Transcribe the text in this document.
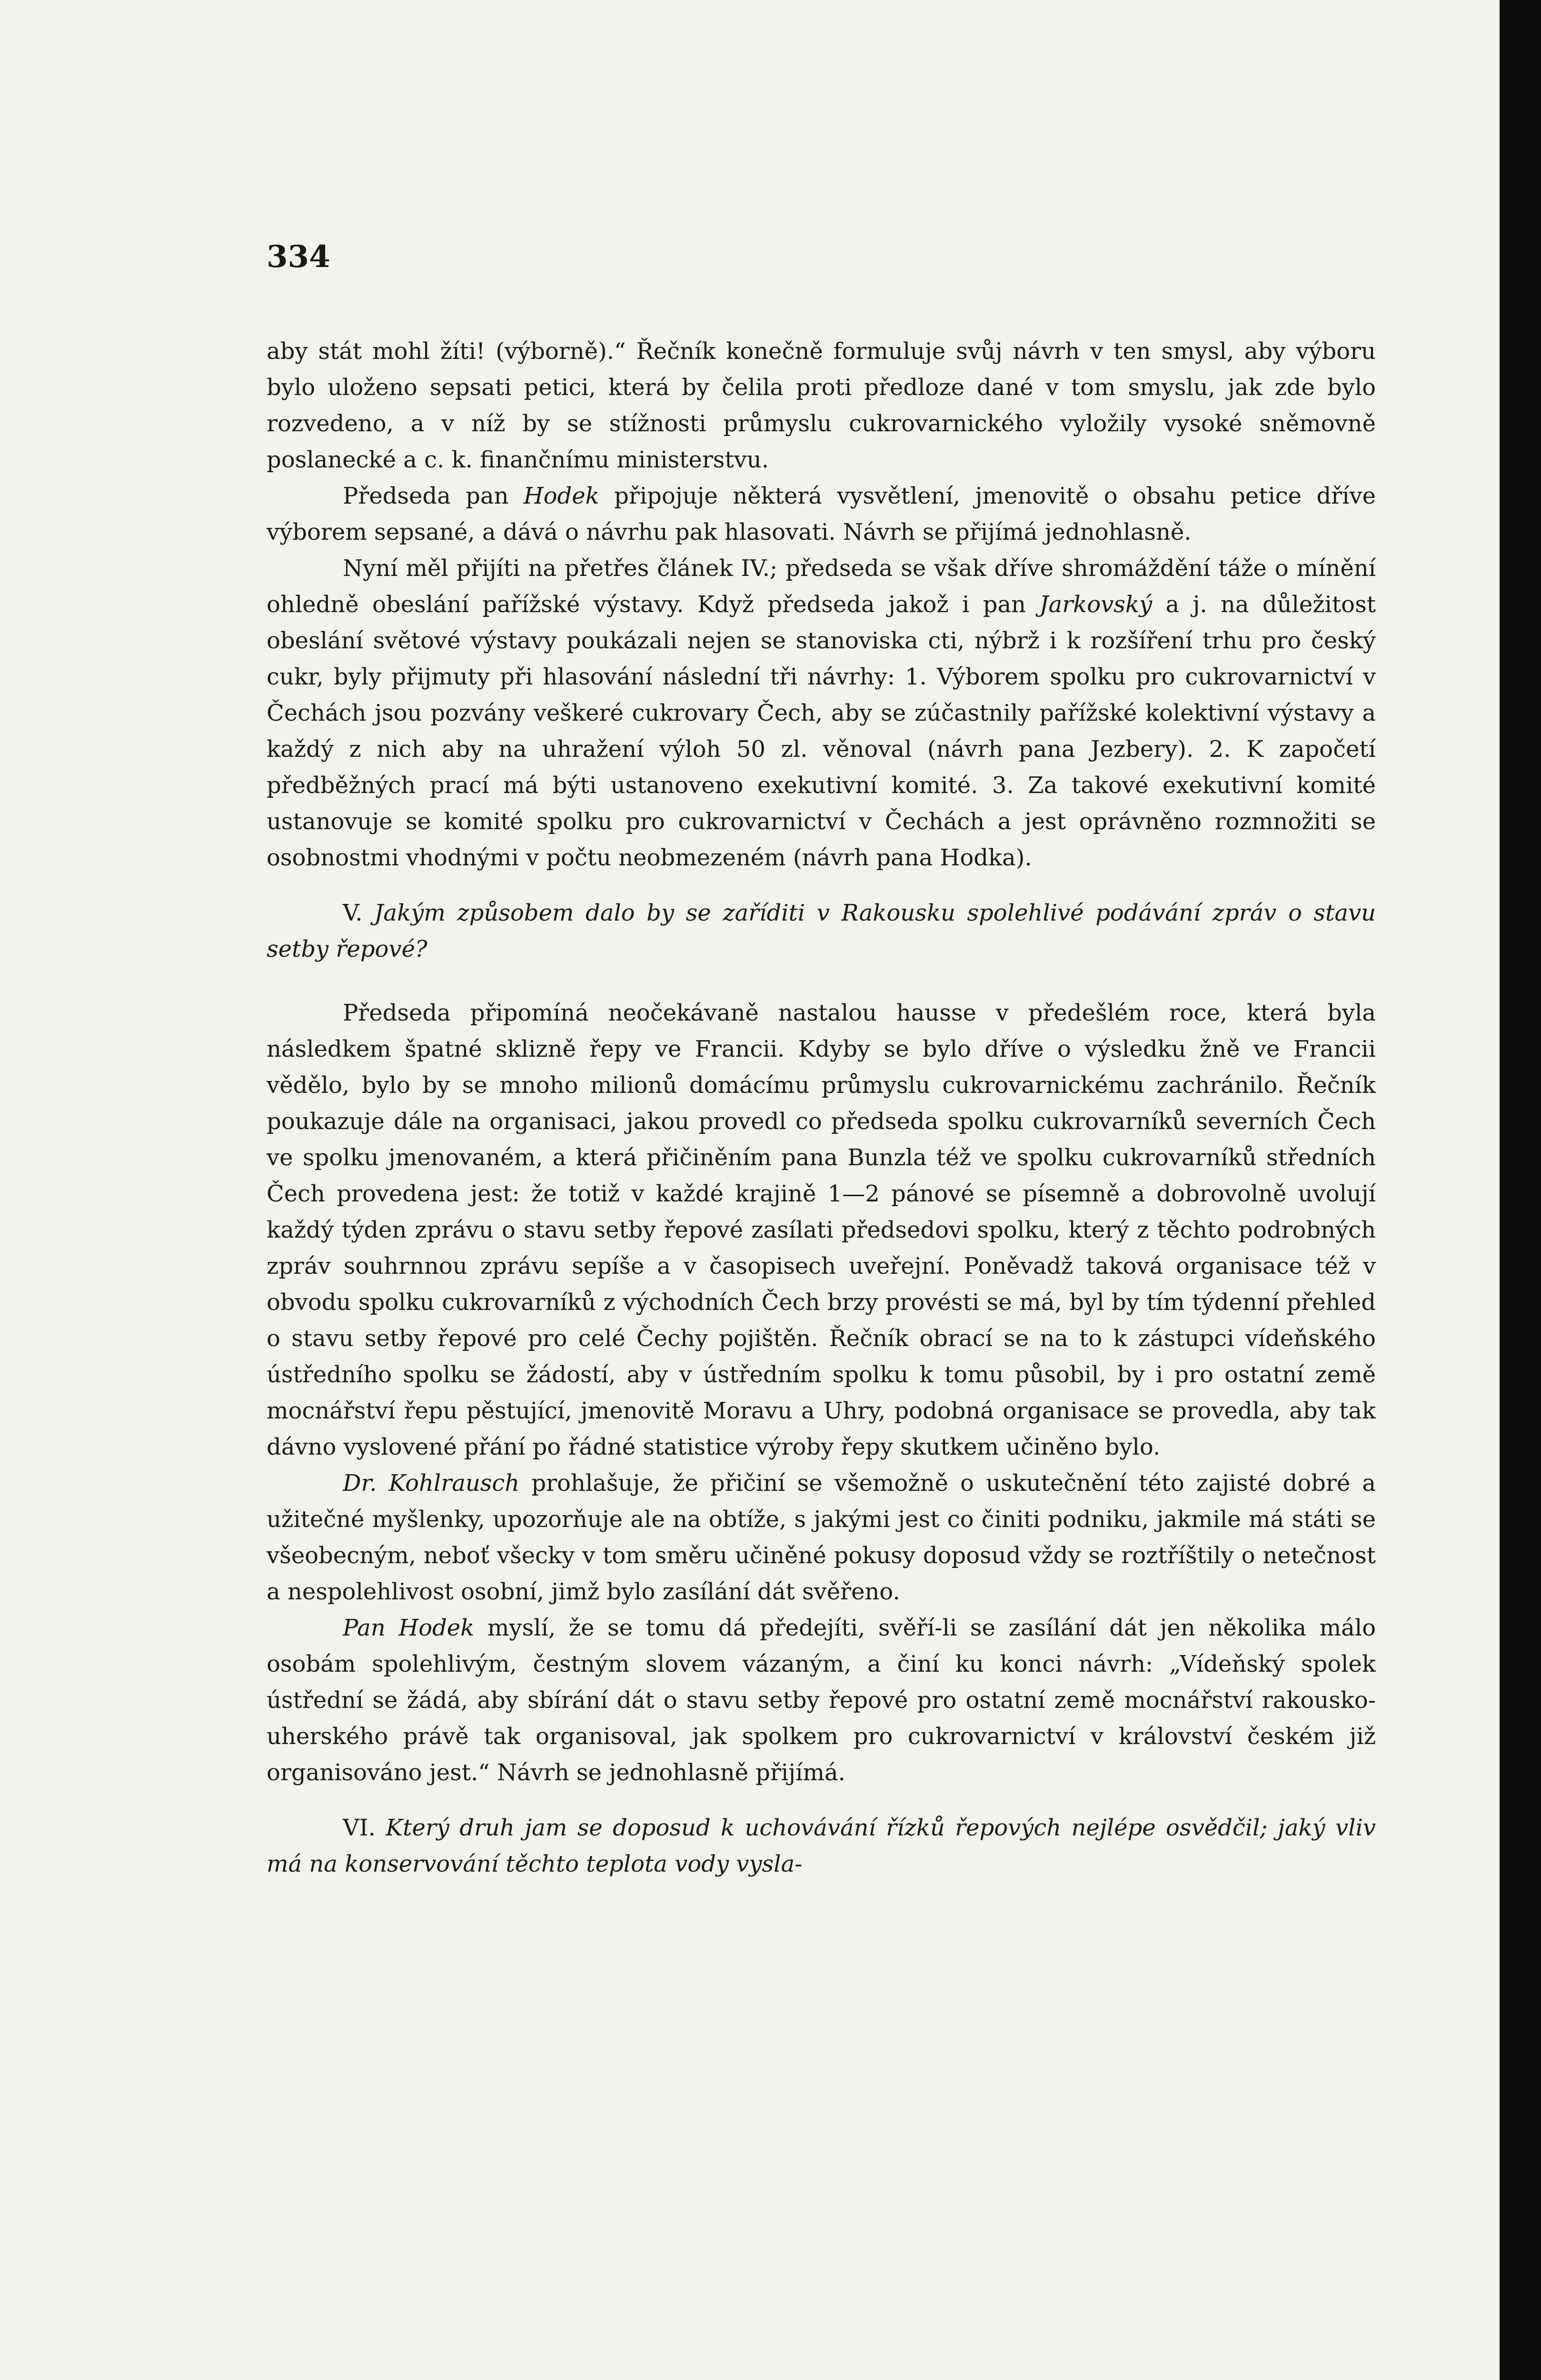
334

aby stát mohl žíti! (výborně).“ Řečník konečně formuluje svůj návrh v ten smysl, aby výboru bylo uloženo sepsati petici, která by čelila proti předloze dané v tom smyslu, jak zde bylo rozvedeno, a v níž by se stížnosti průmyslu cukrovarnického vyložily vysoké sněmovně poslanecké a c. k. finančnímu ministerstvu.

Předseda pan Hodek připojuje některá vysvětlení, jmenovitě o obsahu petice dříve výborem sepsané, a dává o návrhu pak hlasovati. Návrh se přijímá jednohlasně.

Nyní měl přijíti na přetřes článek IV.; předseda se však dříve shromáždění táže o mínění ohledně obeslání pařížské výstavy. Když předseda jakož i pan Jarkovský a j. na důležitost obeslání světové výstavy poukázali nejen se stanoviska cti, nýbrž i k rozšíření trhu pro český cukr, byly přijmuty při hlasování následní tři návrhy: 1. Výborem spolku pro cukrovarnictví v Čechách jsou pozvány veškeré cukrovary Čech, aby se zúčastnily pařížské kolektivní výstavy a každý z nich aby na uhražení výloh 50 zl. věnoval (návrh pana Jezbery). 2. K započetí předběžných prací má býti ustanoveno exekutivní komité. 3. Za takové exekutivní komité ustanovuje se komité spolku pro cukrovarnictví v Čechách a jest oprávněno rozmnožiti se osobnostmi vhodnými v počtu neobmezeném (návrh pana Hodka).

V. Jakým způsobem dalo by se zaříditi v Rakousku spolehlivé podávání zpráv o stavu setby řepové?

Předseda připomíná neočekávaně nastalou hausse v předešlém roce, která byla následkem špatné sklizně řepy ve Francii. Kdyby se bylo dříve o výsledku žně ve Francii vědělo, bylo by se mnoho milionů domácímu průmyslu cukrovarnickému zachránilo. Řečník poukazuje dále na organisaci, jakou provedl co předseda spolku cukrovarníků severních Čech ve spolku jmenovaném, a která přičiněním pana Bunzla též ve spolku cukrovarníků středních Čech provedena jest: že totiž v každé krajině 1—2 pánové se písemně a dobrovolně uvolují každý týden zprávu o stavu setby řepové zasílati předsedovi spolku, který z těchto podrobných zpráv souhrnnou zprávu sepíše a v časopisech uveřejní. Poněvadž taková organisace též v obvodu spolku cukrovarníků z východních Čech brzy provésti se má, byl by tím týdenní přehled o stavu setby řepové pro celé Čechy pojištěn. Řečník obrací se na to k zástupci vídeňského ústředního spolku se žádostí, aby v ústředním spolku k tomu působil, by i pro ostatní země mocnářství řepu pěstující, jmenovitě Moravu a Uhry, podobná organisace se provedla, aby tak dávno vyslovené přání po řádné statistice výroby řepy skutkem učiněno bylo.

Dr. Kohlrausch prohlašuje, že přičiní se všemožně o uskutečnění této zajisté dobré a užitečné myšlenky, upozorňuje ale na obtíže, s jakými jest co činiti podniku, jakmile má státi se všeobecným, neboť všecky v tom směru učiněné pokusy doposud vždy se roztříštily o netečnost a nespolehlivost osobní, jimž bylo zasílání dát svěřeno.

Pan Hodek myslí, že se tomu dá předejíti, svěří-li se zasílání dát jen několika málo osobám spolehlivým, čestným slovem vázaným, a činí ku konci návrh: „Vídeňský spolek ústřední se žádá, aby sbírání dát o stavu setby řepové pro ostatní země mocnářství rakousko-uherského právě tak organisoval, jak spolkem pro cukrovarnictví v království českém již organisováno jest.“ Návrh se jednohlasně přijímá.

VI. Který druh jam se doposud k uchovávání řízků řepových nejlépe osvědčil; jaký vliv má na konservování těchto teplota vody vysla-
